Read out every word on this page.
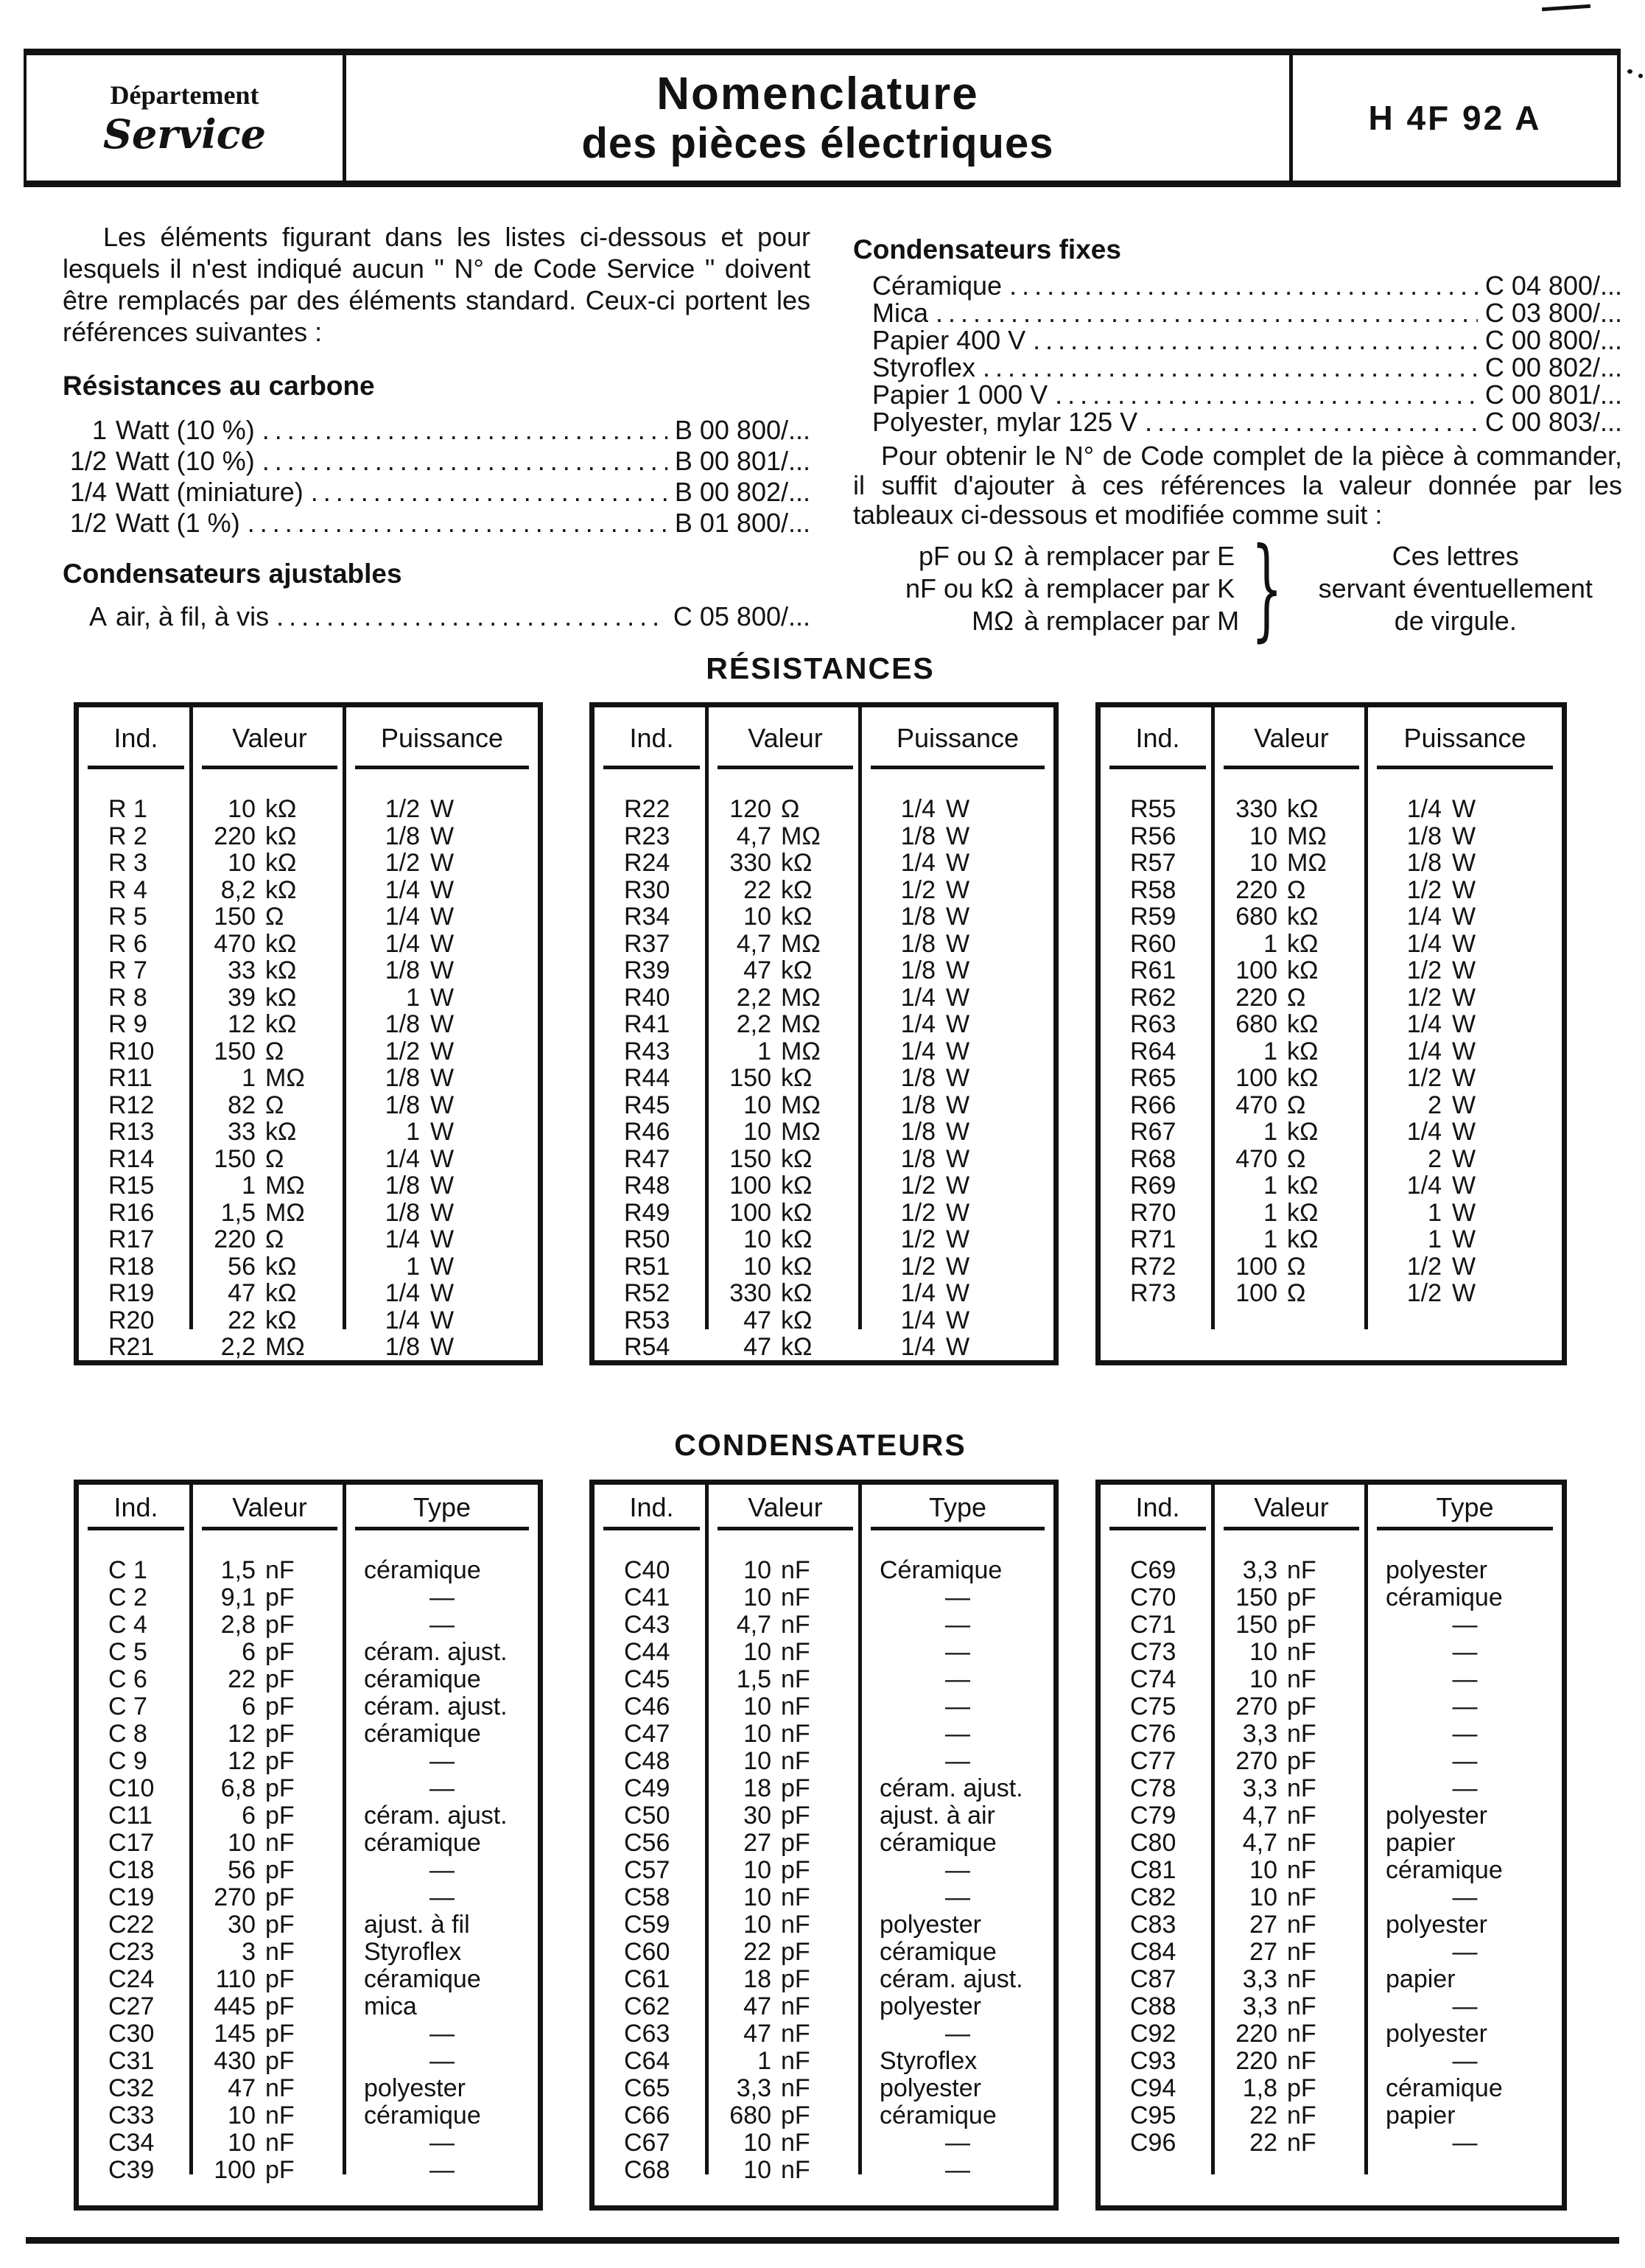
Département
Service
Nomenclature
des pièces électriques
H 4F 92 A
Les éléments figurant dans les listes ci-dessous et pour lesquels il n'est indiqué aucun '' N° de Code Service '' doivent être remplacés par des éléments standard. Ceux-ci portent les références suivantes :
Résistances au carbone
1 Watt (10 %) .....	B 00 800/...
1/2 Watt (10 %) .....	B 00 801/...
1/4 Watt (miniature) .....	B 00 802/...
1/2 Watt (1 %) .....	B 01 800/...
Condensateurs ajustables
A air, à fil, à vis .....	C 05 800/...
Condensateurs fixes
Céramique .....	C 04 800/...
Mica .....	C 03 800/...
Papier 400 V .....	C 00 800/...
Styroflex .....	C 00 802/...
Papier 1 000 V .....	C 00 801/...
Polyester, mylar 125 V .....	C 00 803/...
Pour obtenir le N° de Code complet de la pièce à commander, il suffit d'ajouter à ces références la valeur donnée par les tableaux ci-dessous et modifiée comme suit :
pF ou Ω à remplacer par E
nF ou kΩ à remplacer par K
MΩ à remplacer par M }	Ces lettres
servant éventuellement
de virgule.
RÉSISTANCES
Ind.	Valeur	Puissance
R 1	10 kΩ	1/2 W
R 2	220 kΩ	1/8 W
R 3	10 kΩ	1/2 W
R 4	8,2 kΩ	1/4 W
R 5	150 Ω	1/4 W
R 6	470 kΩ	1/4 W
R 7	33 kΩ	1/8 W
R 8	39 kΩ	1 W
R 9	12 kΩ	1/8 W
R10	150 Ω	1/2 W
R11	1 MΩ	1/8 W
R12	82 Ω	1/8 W
R13	33 kΩ	1 W
R14	150 Ω	1/4 W
R15	1 MΩ	1/8 W
R16	1,5 MΩ	1/8 W
R17	220 Ω	1/4 W
R18	56 kΩ	1 W
R19	47 kΩ	1/4 W
R20	22 kΩ	1/4 W
R21	2,2 MΩ	1/8 W
Ind.	Valeur	Puissance
R22	120 Ω	1/4 W
R23	4,7 MΩ	1/8 W
R24	330 kΩ	1/4 W
R30	22 kΩ	1/2 W
R34	10 kΩ	1/8 W
R37	4,7 MΩ	1/8 W
R39	47 kΩ	1/8 W
R40	2,2 MΩ	1/4 W
R41	2,2 MΩ	1/4 W
R43	1 MΩ	1/4 W
R44	150 kΩ	1/8 W
R45	10 MΩ	1/8 W
R46	10 MΩ	1/8 W
R47	150 kΩ	1/8 W
R48	100 kΩ	1/2 W
R49	100 kΩ	1/2 W
R50	10 kΩ	1/2 W
R51	10 kΩ	1/2 W
R52	330 kΩ	1/4 W
R53	47 kΩ	1/4 W
R54	47 kΩ	1/4 W
Ind.	Valeur	Puissance
R55	330 kΩ	1/4 W
R56	10 MΩ	1/8 W
R57	10 MΩ	1/8 W
R58	220 Ω	1/2 W
R59	680 kΩ	1/4 W
R60	1 kΩ	1/4 W
R61	100 kΩ	1/2 W
R62	220 Ω	1/2 W
R63	680 kΩ	1/4 W
R64	1 kΩ	1/4 W
R65	100 kΩ	1/2 W
R66	470 Ω	2 W
R67	1 kΩ	1/4 W
R68	470 Ω	2 W
R69	1 kΩ	1/4 W
R70	1 kΩ	1 W
R71	1 kΩ	1 W
R72	100 Ω	1/2 W
R73	100 Ω	1/2 W
CONDENSATEURS
Ind.	Valeur	Type
C 1	1,5 nF	céramique
C 2	9,1 pF	—
C 4	2,8 pF	—
C 5	6 pF	céram. ajust.
C 6	22 pF	céramique
C 7	6 pF	céram. ajust.
C 8	12 pF	céramique
C 9	12 pF	—
C10	6,8 pF	—
C11	6 pF	céram. ajust.
C17	10 nF	céramique
C18	56 pF	—
C19	270 pF	—
C22	30 pF	ajust. à fil
C23	3 nF	Styroflex
C24	110 pF	céramique
C27	445 pF	mica
C30	145 pF	—
C31	430 pF	—
C32	47 nF	polyester
C33	10 nF	céramique
C34	10 nF	—
C39	100 pF	—
Ind.	Valeur	Type
C40	10 nF	Céramique
C41	10 nF	—
C43	4,7 nF	—
C44	10 nF	—
C45	1,5 nF	—
C46	10 nF	—
C47	10 nF	—
C48	10 nF	—
C49	18 pF	céram. ajust.
C50	30 pF	ajust. à air
C56	27 pF	céramique
C57	10 pF	—
C58	10 nF	—
C59	10 nF	polyester
C60	22 pF	céramique
C61	18 pF	céram. ajust.
C62	47 nF	polyester
C63	47 nF	—
C64	1 nF	Styroflex
C65	3,3 nF	polyester
C66	680 pF	céramique
C67	10 nF	—
C68	10 nF	—
Ind.	Valeur	Type
C69	3,3 nF	polyester
C70	150 pF	céramique
C71	150 pF	—
C73	10 nF	—
C74	10 nF	—
C75	270 pF	—
C76	3,3 nF	—
C77	270 pF	—
C78	3,3 nF	—
C79	4,7 nF	polyester
C80	4,7 nF	papier
C81	10 nF	céramique
C82	10 nF	—
C83	27 nF	polyester
C84	27 nF	—
C87	3,3 nF	papier
C88	3,3 nF	—
C92	220 nF	polyester
C93	220 nF	—
C94	1,8 pF	céramique
C95	22 nF	papier
C96	22 nF	—
